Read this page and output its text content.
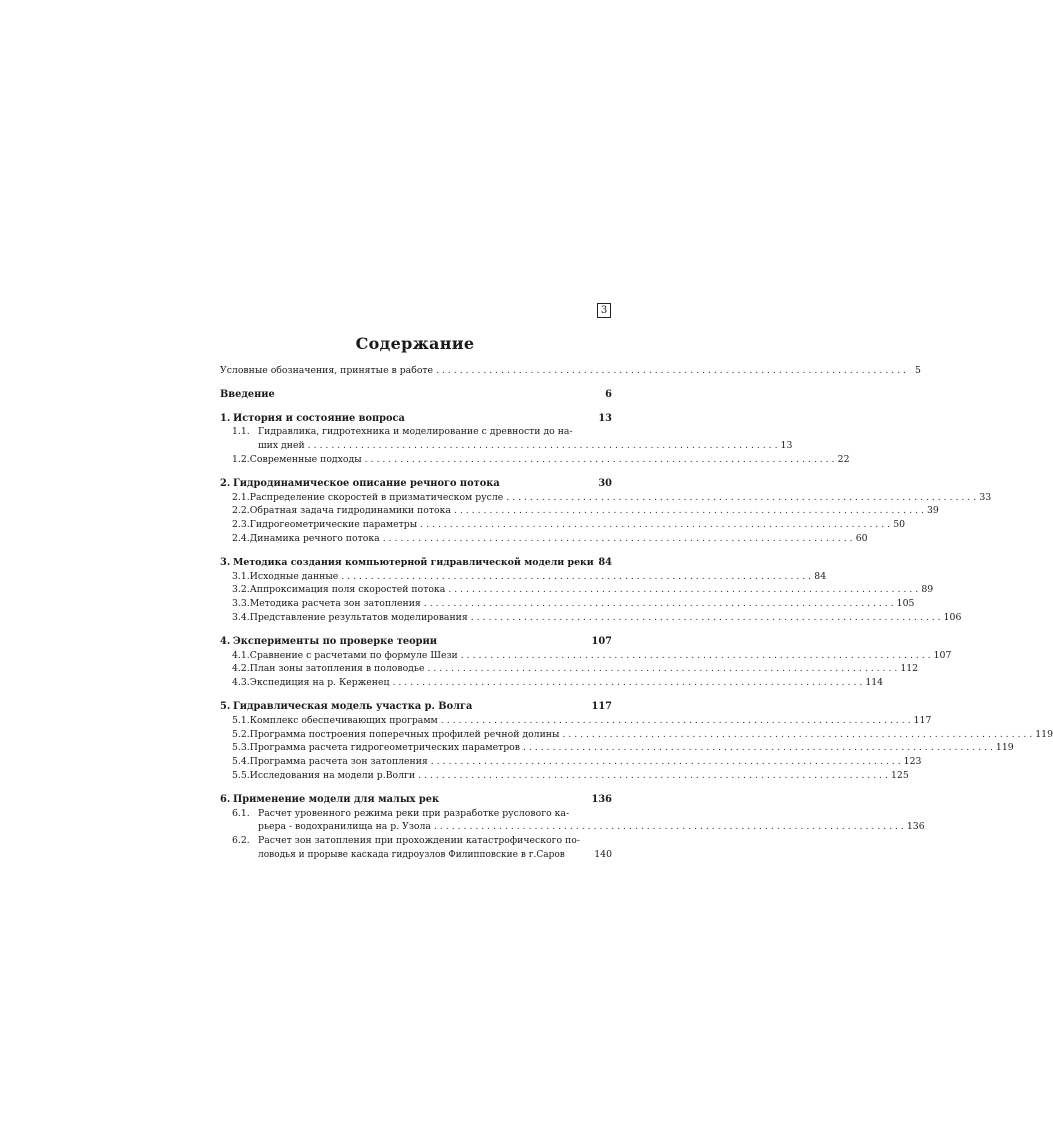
3
Содержание
Условные обозначения, принятые в работе . . .	5
Введение	6
1. История и состояние вопроса	13
1.1. Гидравлика, гидротехника и моделирование с древности до на-
ших дней . . .	13
1.2. Современные подходы . . .	22
2. Гидродинамическое описание речного потока	30
2.1. Распределение скоростей в призматическом русле . . .	33
2.2. Обратная задача гидродинамики потока . . .	39
2.3. Гидрогеометрические параметры . . .	50
2.4. Динамика речного потока . . .	60
3. Методика создания компьютерной гидравлической модели реки 84
3.1. Исходные данные . . .	84
3.2. Аппроксимация поля скоростей потока . . .	89
3.3. Методика расчета зон затопления . . .	105
3.4. Представление результатов моделирования . . .	106
4. Эксперименты по проверке теории	107
4.1. Сравнение с расчетами по формуле Шези . . .	107
4.2. План зоны затопления в половодье . . .	112
4.3. Экспедиция на р. Керженец . . .	114
5. Гидравлическая модель участка р. Волга	117
5.1. Комплекс обеспечивающих программ . . .	117
5.2. Программа построения поперечных профилей речной долины . . .	119
5.3. Программа расчета гидрогеометрических параметров . . .	119
5.4. Программа расчета зон затопления . . .	123
5.5. Исследования на модели р.Волги . . .	125
6. Применение модели для малых рек	136
6.1. Расчет уровенного режима реки при разработке руслового ка-
рьера - водохранилища на р. Узола . . .	136
6.2. Расчет зон затопления при прохождении катастрофического по-
ловодья и прорыве каскада гидроузлов Филипповские в г.Саров	140
